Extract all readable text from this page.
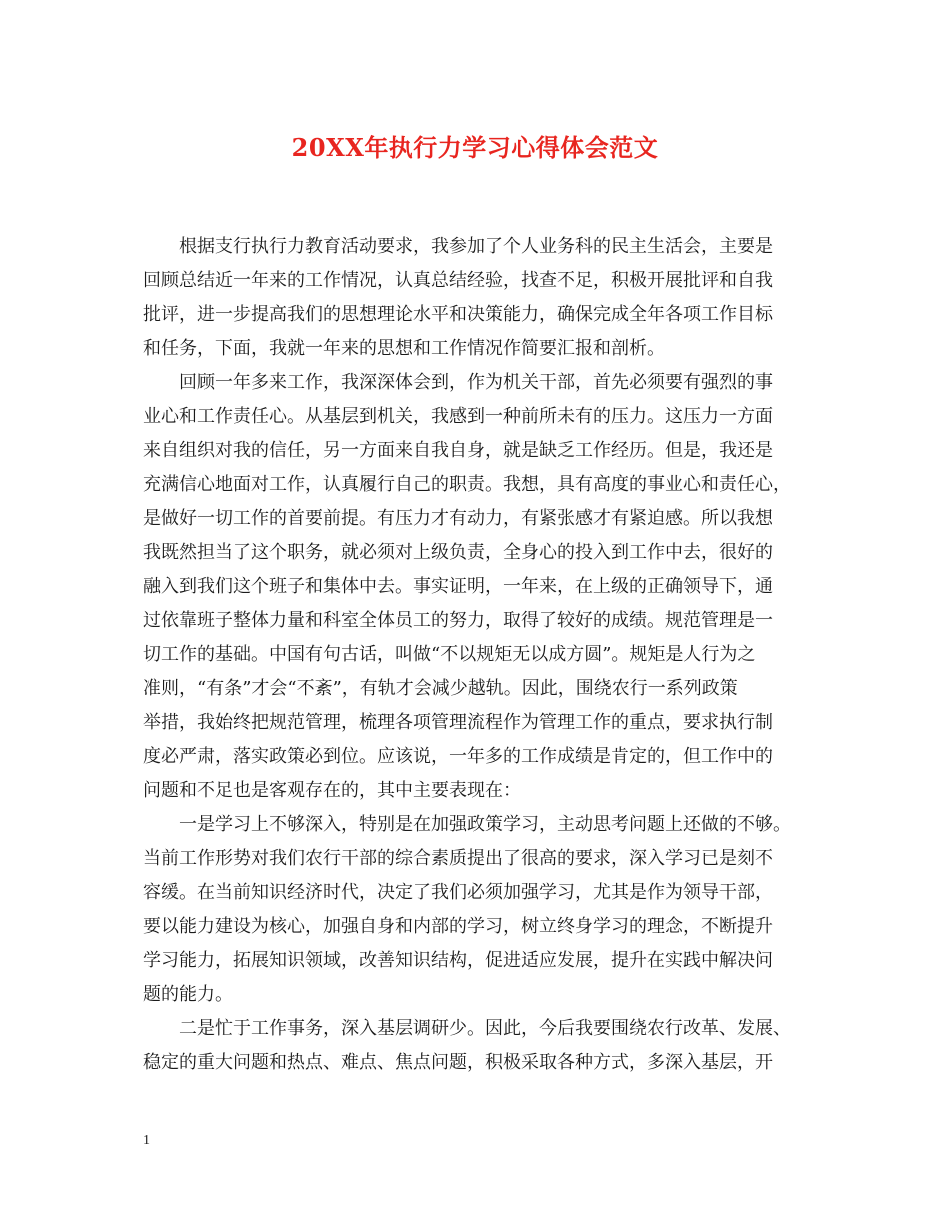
20XX年执行力学习心得体会范文
根据支行执行力教育活动要求，我参加了个人业务科的民主生活会，主要是
回顾总结近一年来的工作情况，认真总结经验，找查不足，积极开展批评和自我
批评，进一步提高我们的思想理论水平和决策能力，确保完成全年各项工作目标
和任务，下面，我就一年来的思想和工作情况作简要汇报和剖析。
回顾一年多来工作，我深深体会到，作为机关干部，首先必须要有强烈的事
业心和工作责任心。从基层到机关，我感到一种前所未有的压力。这压力一方面
来自组织对我的信任，另一方面来自我自身，就是缺乏工作经历。但是，我还是
充满信心地面对工作，认真履行自己的职责。我想，具有高度的事业心和责任心，
是做好一切工作的首要前提。有压力才有动力，有紧张感才有紧迫感。所以我想
我既然担当了这个职务，就必须对上级负责，全身心的投入到工作中去，很好的
融入到我们这个班子和集体中去。事实证明，一年来，在上级的正确领导下，通
过依靠班子整体力量和科室全体员工的努力，取得了较好的成绩。规范管理是一
切工作的基础。中国有句古话，叫做“不以规矩无以成方圆”。规矩是人行为之
准则，“有条”才会“不紊”，有轨才会减少越轨。因此，围绕农行一系列政策
举措，我始终把规范管理，梳理各项管理流程作为管理工作的重点，要求执行制
度必严肃，落实政策必到位。应该说，一年多的工作成绩是肯定的，但工作中的
问题和不足也是客观存在的，其中主要表现在：
一是学习上不够深入，特别是在加强政策学习，主动思考问题上还做的不够。
当前工作形势对我们农行干部的综合素质提出了很高的要求，深入学习已是刻不
容缓。在当前知识经济时代，决定了我们必须加强学习，尤其是作为领导干部，
要以能力建设为核心，加强自身和内部的学习，树立终身学习的理念，不断提升
学习能力，拓展知识领域，改善知识结构，促进适应发展，提升在实践中解决问
题的能力。
二是忙于工作事务，深入基层调研少。因此，今后我要围绕农行改革、发展、
稳定的重大问题和热点、难点、焦点问题，积极采取各种方式，多深入基层，开
1
